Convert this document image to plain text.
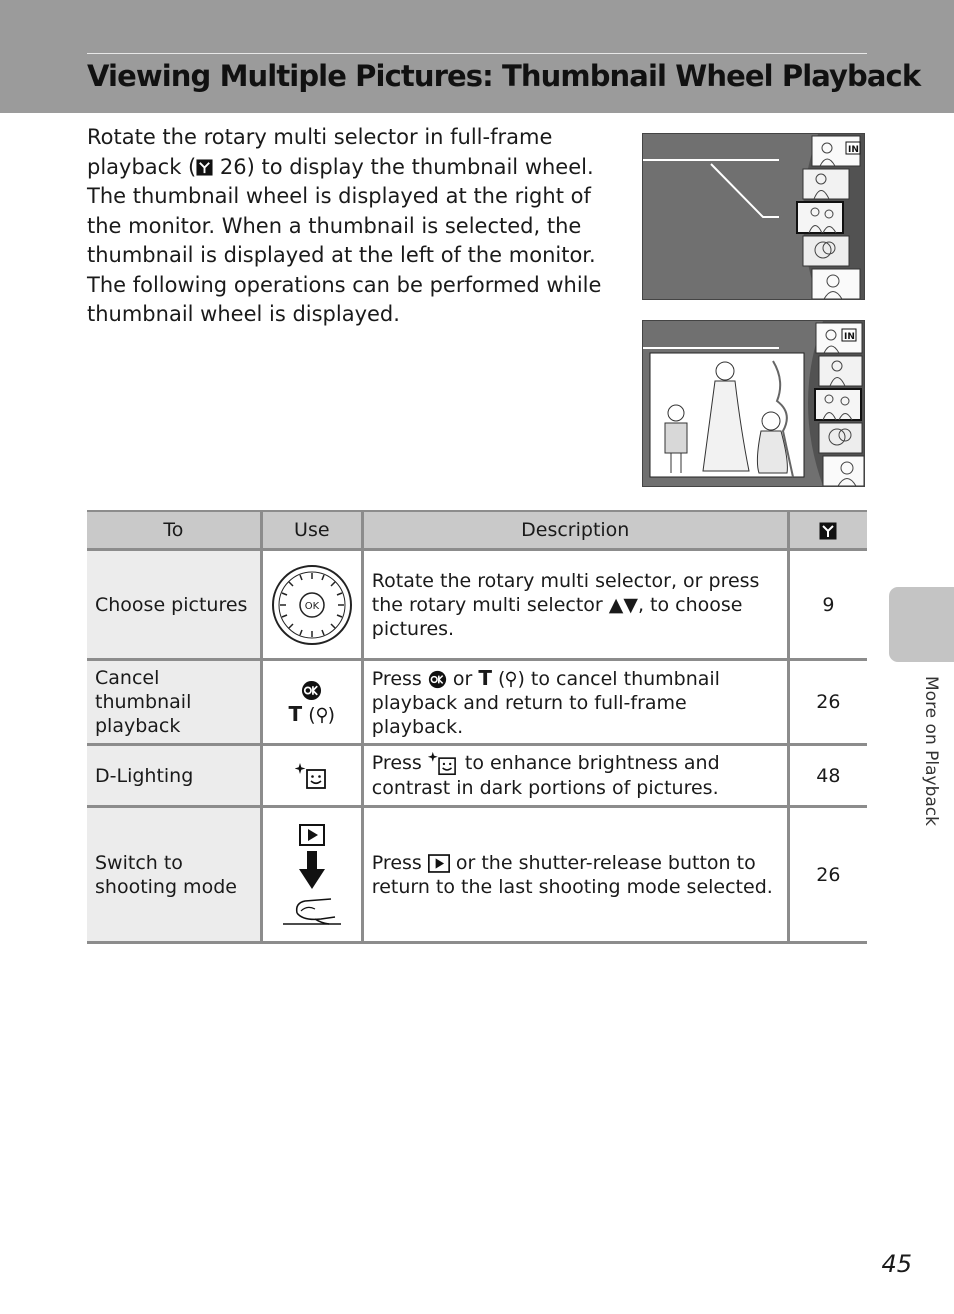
Viewing Multiple Pictures: Thumbnail Wheel Playback

Rotate the rotary multi selector in full-frame playback ( 26) to display the thumbnail wheel. The thumbnail wheel is displayed at the right of the monitor. When a thumbnail is selected, the thumbnail is displayed at the left of the monitor. The following operations can be performed while thumbnail wheel is displayed.

IN
IN
To	Use	Description	
Choose pictures	OK	Rotate the rotary multi selector, or press the rotary multi selector ▲▼, to choose pictures.	9
Cancel thumbnail playback	T ( )	Press  or T ( ) to cancel thumbnail playback and return to full-frame playback.	26
D-Lighting		Press  to enhance brightness and contrast in dark portions of pictures.	48
Switch to shooting mode		Press  or the shutter-release button to return to the last shooting mode selected.	26

More on Playback

45
